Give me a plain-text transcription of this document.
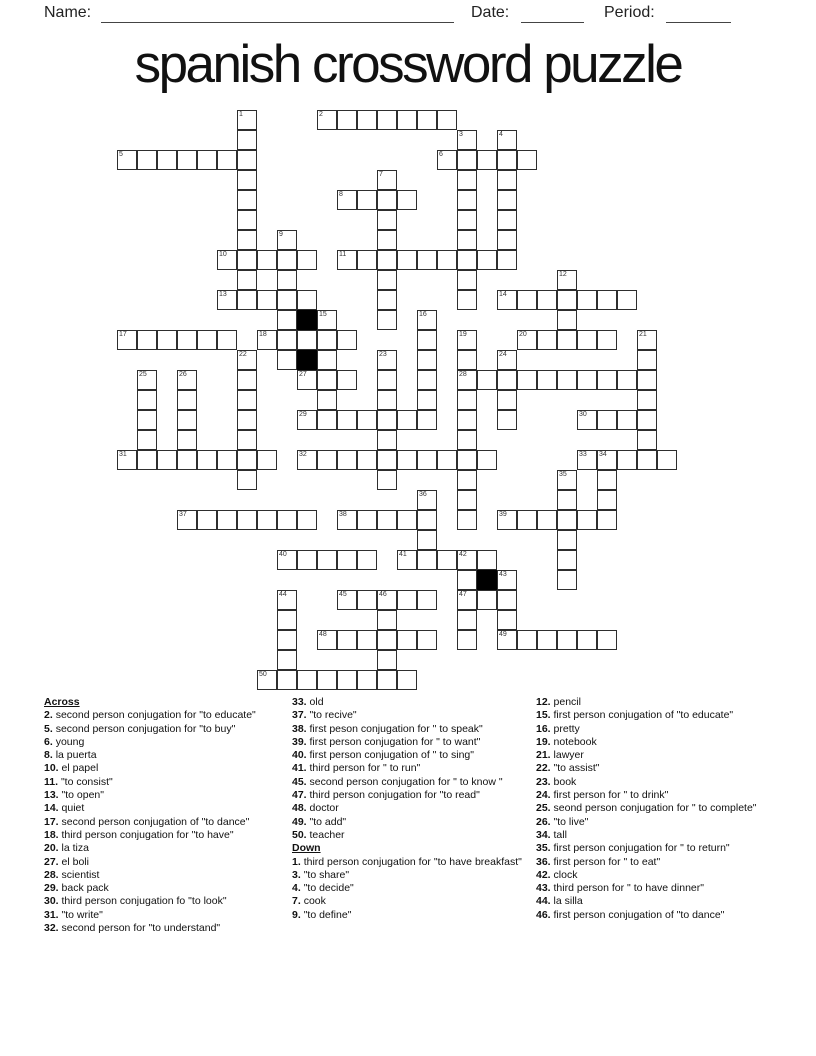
Name:	Date:	Period:
spanish crossword puzzle
1	2
3	4
5	6
7
8
9
10	11
12
13	14
15	16
17	18	19	20	21
22	23	24
25	26	27	28
29	30
31	32	33 34
35
36
37	38	39
40	41	42
43
44	45	46	47
48	49
50
Across
2. second person conjugation for "to educate"
5. second person conjugation for "to buy"
6. young
8. la puerta
10. el papel
11. "to consist"
13. "to open"
14. quiet
17. second person conjugation of "to dance"
18. third person conjugation for "to have"
20. la tiza
27. el boli
28. scientist
29. back pack
30. third person conjugation fo "to look"
31. "to write"
32. second person for "to understand"
33. old
37. "to recive"
38. first peson conjugation for " to speak"
39. first person conjugation for " to want"
40. first person conjugation of " to sing"
41. third person for " to run"
45. second person conjugation for " to know "
47. third person conjugation for "to read"
48. doctor
49. "to add"
50. teacher
Down
1. third person conjugation for "to have breakfast"
3. "to share"
4. "to decide"
7. cook
9. "to define"
12. pencil
15. first person conjugation of "to educate"
16. pretty
19. notebook
21. lawyer
22. "to assist"
23. book
24. first person for " to drink"
25. seond person conjugation for " to complete"
26. "to live"
34. tall
35. first person conjugation for " to return"
36. first person for " to eat"
42. clock
43. third person for " to have dinner"
44. la silla
46. first person conjugation of "to dance"
